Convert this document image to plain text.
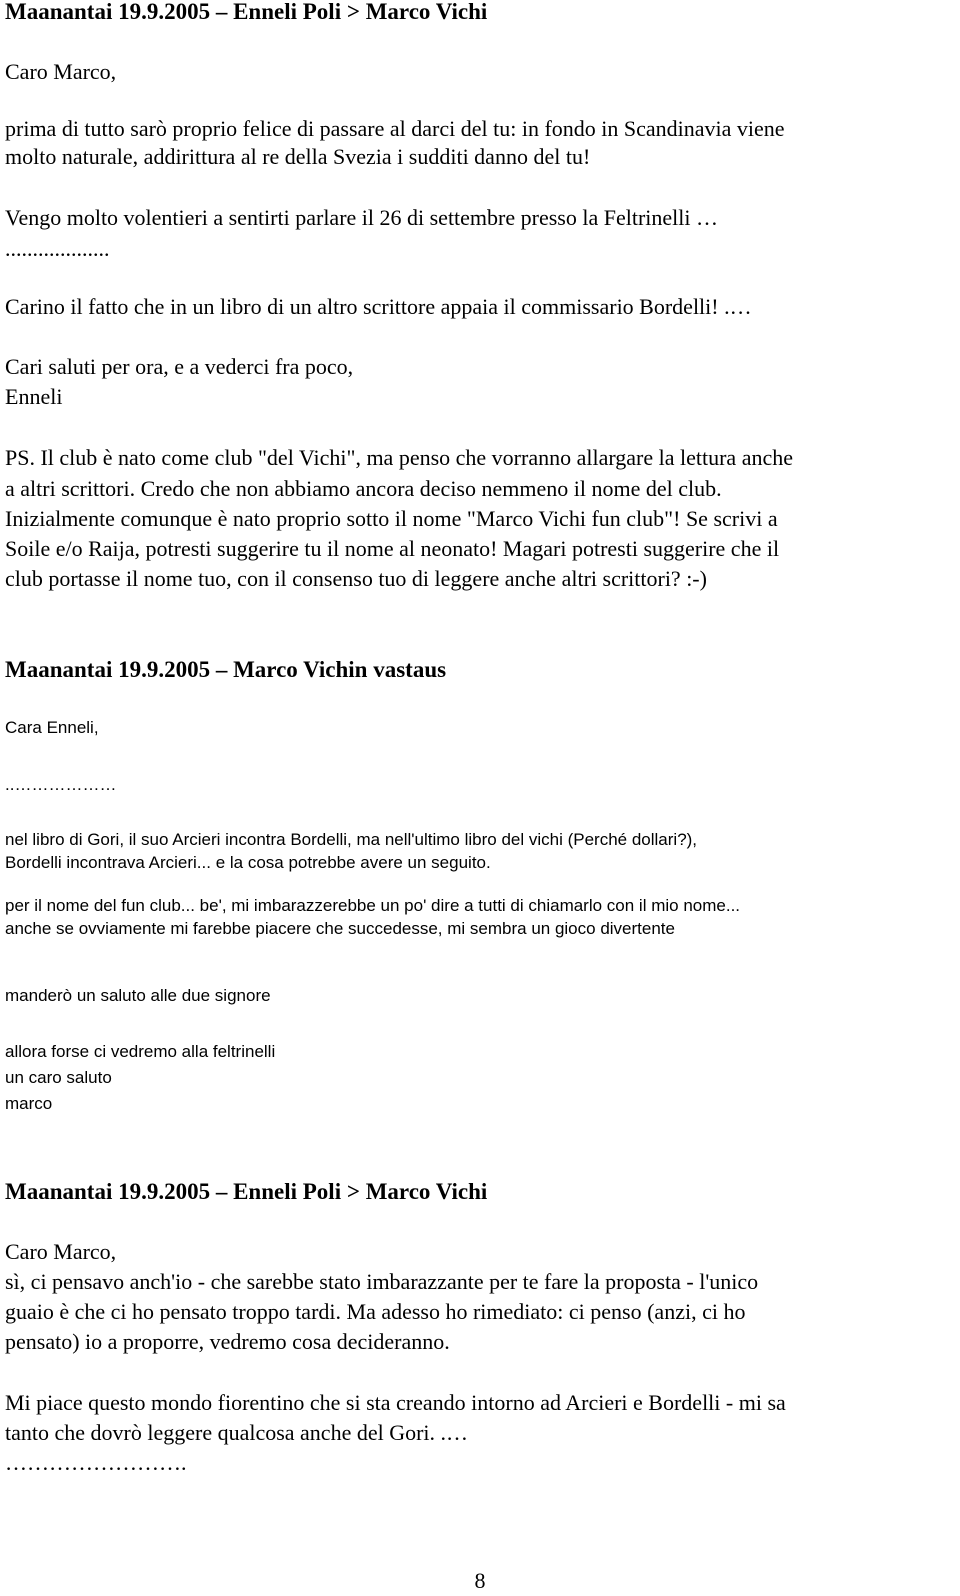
Maanantai 19.9.2005 – Enneli Poli > Marco Vichi
Caro Marco,
prima di tutto sarò proprio felice di passare al darci del tu: in fondo in Scandinavia viene
molto naturale, addirittura al re della Svezia i sudditi danno del tu!
Vengo molto volentieri a sentirti parlare il 26 di settembre presso la Feltrinelli …
...................
Carino il fatto che in un libro di un altro scrittore appaia il commissario Bordelli! .…
Cari saluti per ora, e a vederci fra poco,
Enneli
PS. Il club è nato come club "del Vichi", ma penso che vorranno allargare la lettura anche
a altri scrittori. Credo che non abbiamo ancora deciso nemmeno il nome del club.
Inizialmente comunque è nato proprio sotto il nome "Marco Vichi fun club"! Se scrivi a
Soile e/o Raija, potresti suggerire tu il nome al neonato! Magari potresti suggerire che il
club portasse il nome tuo, con il consenso tuo di leggere anche altri scrittori? :-)
Maanantai 19.9.2005 – Marco Vichin vastaus
Cara Enneli,
..………………
nel libro di Gori, il suo Arcieri incontra Bordelli, ma nell'ultimo libro del vichi (Perché dollari?),
Bordelli incontrava Arcieri... e la cosa potrebbe avere un seguito.
per il nome del fun club... be', mi imbarazzerebbe un po' dire a tutti di chiamarlo con il mio nome...
anche se ovviamente mi farebbe piacere che succedesse, mi sembra un gioco divertente
manderò un saluto alle due signore
allora forse ci vedremo alla feltrinelli
un caro saluto
marco
Maanantai 19.9.2005 – Enneli Poli > Marco Vichi
Caro Marco,
sì, ci pensavo anch'io - che sarebbe stato imbarazzante per te fare la proposta - l'unico
guaio è che ci ho pensato troppo tardi. Ma adesso ho rimediato: ci penso (anzi, ci ho
pensato) io a proporre, vedremo cosa decideranno.
Mi piace questo mondo fiorentino che si sta creando intorno ad Arcieri e Bordelli - mi sa
tanto che dovrò leggere qualcosa anche del Gori. .…
…………………….
8
